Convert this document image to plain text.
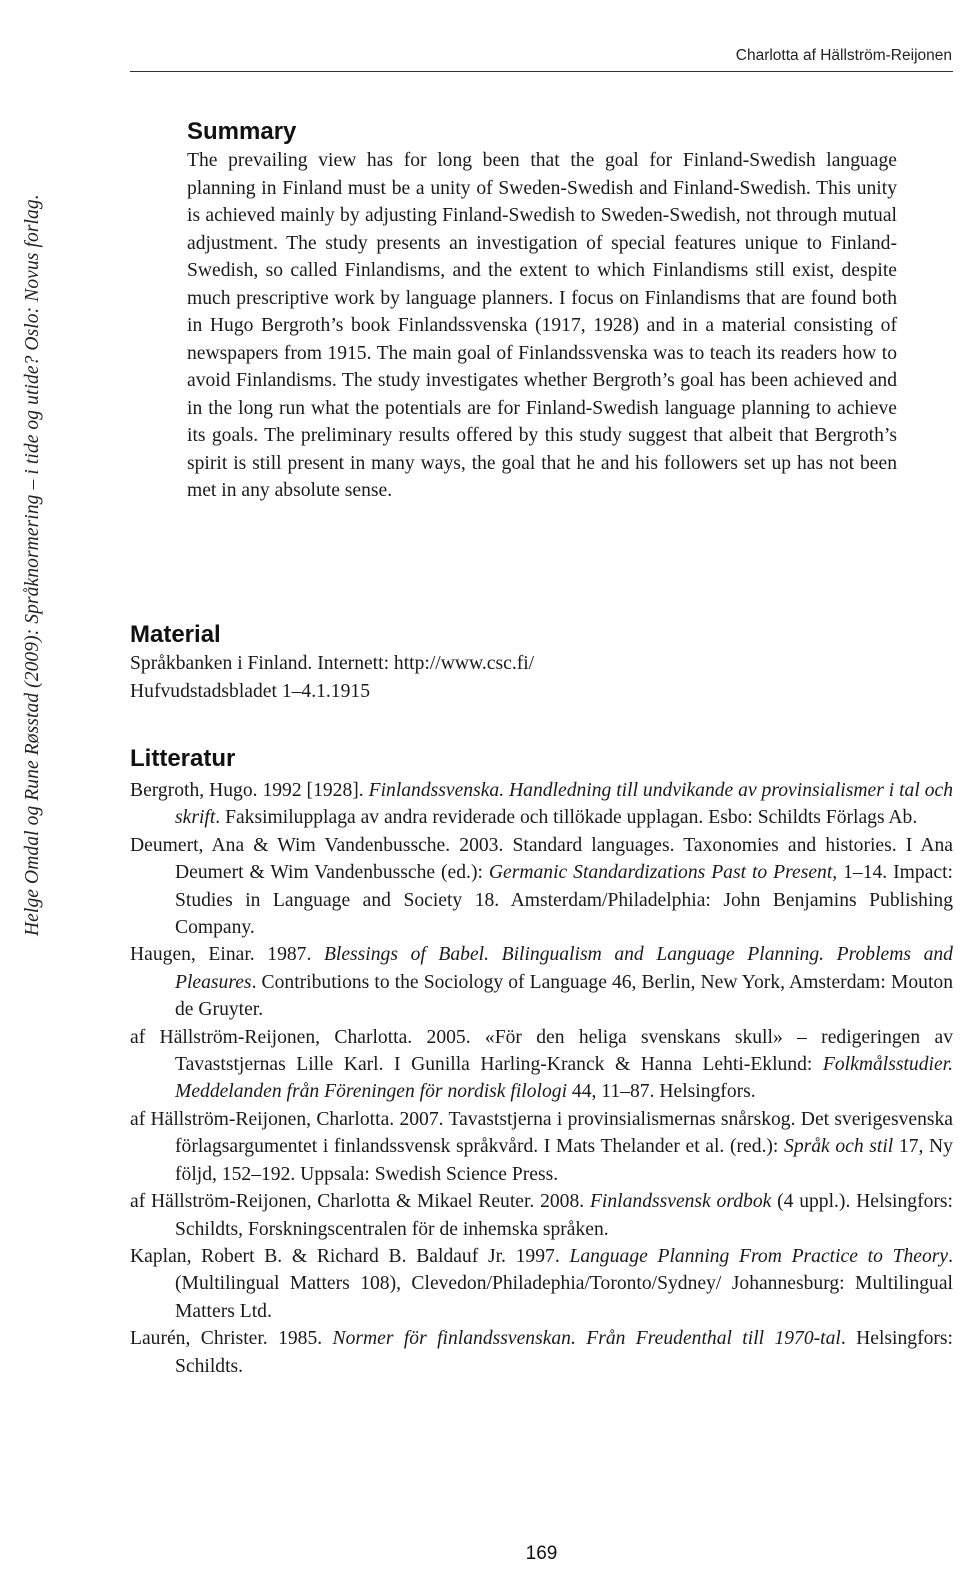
Helge Omdal og Rune Røsstad (2009): Språknormering – i tide og utide? Oslo: Novus forlag.
Charlotta af Hällström-Reijonen
Summary

The prevailing view has for long been that the goal for Finland-Swedish language planning in Finland must be a unity of Sweden-Swedish and Finland-Swedish. This unity is achieved mainly by adjusting Finland-Swedish to Sweden-Swedish, not through mutual adjustment. The study presents an investigation of special features unique to Finland-Swedish, so called Finlandisms, and the extent to which Finlandisms still exist, despite much prescriptive work by language planners. I focus on Finlandisms that are found both in Hugo Bergroth’s book Finlandssvenska (1917, 1928) and in a material consisting of newspapers from 1915. The main goal of Finlandssvenska was to teach its readers how to avoid Finlandisms. The study investigates whether Bergroth’s goal has been achieved and in the long run what the potentials are for Finland-Swedish language planning to achieve its goals. The preliminary results offered by this study suggest that albeit that Bergroth’s spirit is still present in many ways, the goal that he and his followers set up has not been met in any absolute sense.

Material

Språkbanken i Finland. Internett: http://www.csc.fi/

Hufvudstadsbladet 1–4.1.1915

Litteratur

Bergroth, Hugo. 1992 [1928]. Finlandssvenska. Handledning till undvikande av provinsialismer i tal och skrift. Faksimilupplaga av andra reviderade och tillökade upplagan. Esbo: Schildts Förlags Ab.

Deumert, Ana & Wim Vandenbussche. 2003. Standard languages. Taxonomies and histories. I Ana Deumert & Wim Vandenbussche (ed.): Germanic Standardizations Past to Present, 1–14. Impact: Studies in Language and Society 18. Amsterdam/Philadelphia: John Benjamins Publishing Company.

Haugen, Einar. 1987. Blessings of Babel. Bilingualism and Language Planning. Problems and Pleasures. Contributions to the Sociology of Language 46, Berlin, New York, Amsterdam: Mouton de Gruyter.

af Hällström-Reijonen, Charlotta. 2005. «För den heliga svenskans skull» – redigeringen av Tavaststjernas Lille Karl. I Gunilla Harling-Kranck & Hanna Lehti-Eklund: Folkmålsstudier. Meddelanden från Föreningen för nordisk filologi 44, 11–87. Helsingfors.

af Hällström-Reijonen, Charlotta. 2007. Tavaststjerna i provinsialismernas snårskog. Det sverigesvenska förlagsargumentet i finlandssvensk språkvård. I Mats Thelander et al. (red.): Språk och stil 17, Ny följd, 152–192. Uppsala: Swedish Science Press.

af Hällström-Reijonen, Charlotta & Mikael Reuter. 2008. Finlandssvensk ordbok (4 uppl.). Helsingfors: Schildts, Forskningscentralen för de inhemska språken.

Kaplan, Robert B. & Richard B. Baldauf Jr. 1997. Language Planning From Practice to Theory. (Multilingual Matters 108), Clevedon/Philadephia/Toronto/Sydney/ Johannesburg: Multilingual Matters Ltd.

Laurén, Christer. 1985. Normer för finlandssvenskan. Från Freudenthal till 1970-tal. Helsingfors: Schildts.

169
